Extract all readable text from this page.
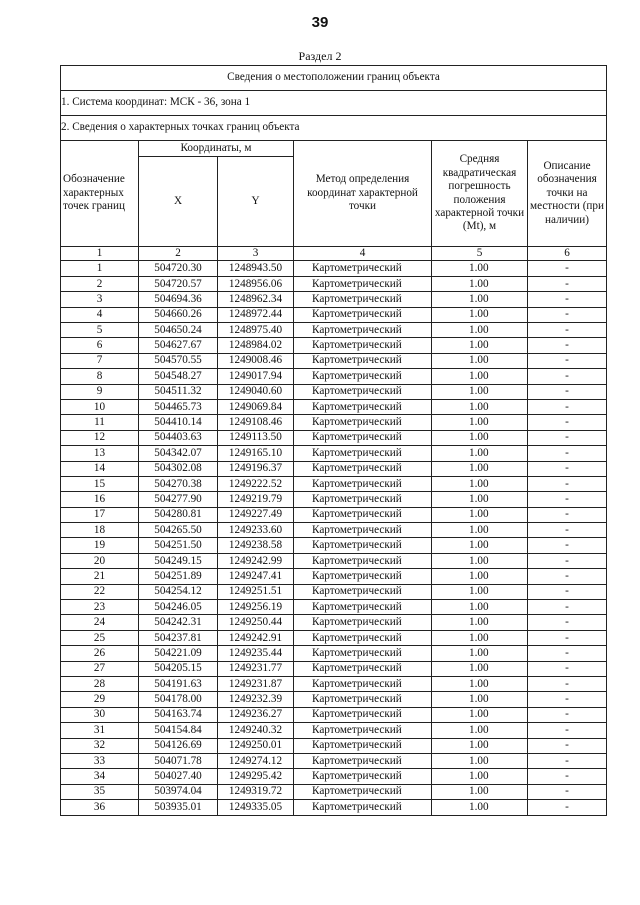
39
Раздел 2
Сведения о местоположении границ объекта					
1. Система координат: МСК - 36, зона 1					
2. Сведения о характерных точках границ объекта					
Обозначение характерных точек границ	Координаты, м		Метод определения координат характерной точки	Средняя квадратическая погрешность положения характерной точки (Mt), м	Описание обозначения точки на местности (при наличии)
	X	Y			
1	2	3	4	5	6
1	504720.30	1248943.50	Картометрический	1.00	-
2	504720.57	1248956.06	Картометрический	1.00	-
3	504694.36	1248962.34	Картометрический	1.00	-
4	504660.26	1248972.44	Картометрический	1.00	-
5	504650.24	1248975.40	Картометрический	1.00	-
6	504627.67	1248984.02	Картометрический	1.00	-
7	504570.55	1249008.46	Картометрический	1.00	-
8	504548.27	1249017.94	Картометрический	1.00	-
9	504511.32	1249040.60	Картометрический	1.00	-
10	504465.73	1249069.84	Картометрический	1.00	-
11	504410.14	1249108.46	Картометрический	1.00	-
12	504403.63	1249113.50	Картометрический	1.00	-
13	504342.07	1249165.10	Картометрический	1.00	-
14	504302.08	1249196.37	Картометрический	1.00	-
15	504270.38	1249222.52	Картометрический	1.00	-
16	504277.90	1249219.79	Картометрический	1.00	-
17	504280.81	1249227.49	Картометрический	1.00	-
18	504265.50	1249233.60	Картометрический	1.00	-
19	504251.50	1249238.58	Картометрический	1.00	-
20	504249.15	1249242.99	Картометрический	1.00	-
21	504251.89	1249247.41	Картометрический	1.00	-
22	504254.12	1249251.51	Картометрический	1.00	-
23	504246.05	1249256.19	Картометрический	1.00	-
24	504242.31	1249250.44	Картометрический	1.00	-
25	504237.81	1249242.91	Картометрический	1.00	-
26	504221.09	1249235.44	Картометрический	1.00	-
27	504205.15	1249231.77	Картометрический	1.00	-
28	504191.63	1249231.87	Картометрический	1.00	-
29	504178.00	1249232.39	Картометрический	1.00	-
30	504163.74	1249236.27	Картометрический	1.00	-
31	504154.84	1249240.32	Картометрический	1.00	-
32	504126.69	1249250.01	Картометрический	1.00	-
33	504071.78	1249274.12	Картометрический	1.00	-
34	504027.40	1249295.42	Картометрический	1.00	-
35	503974.04	1249319.72	Картометрический	1.00	-
36	503935.01	1249335.05	Картометрический	1.00	-
